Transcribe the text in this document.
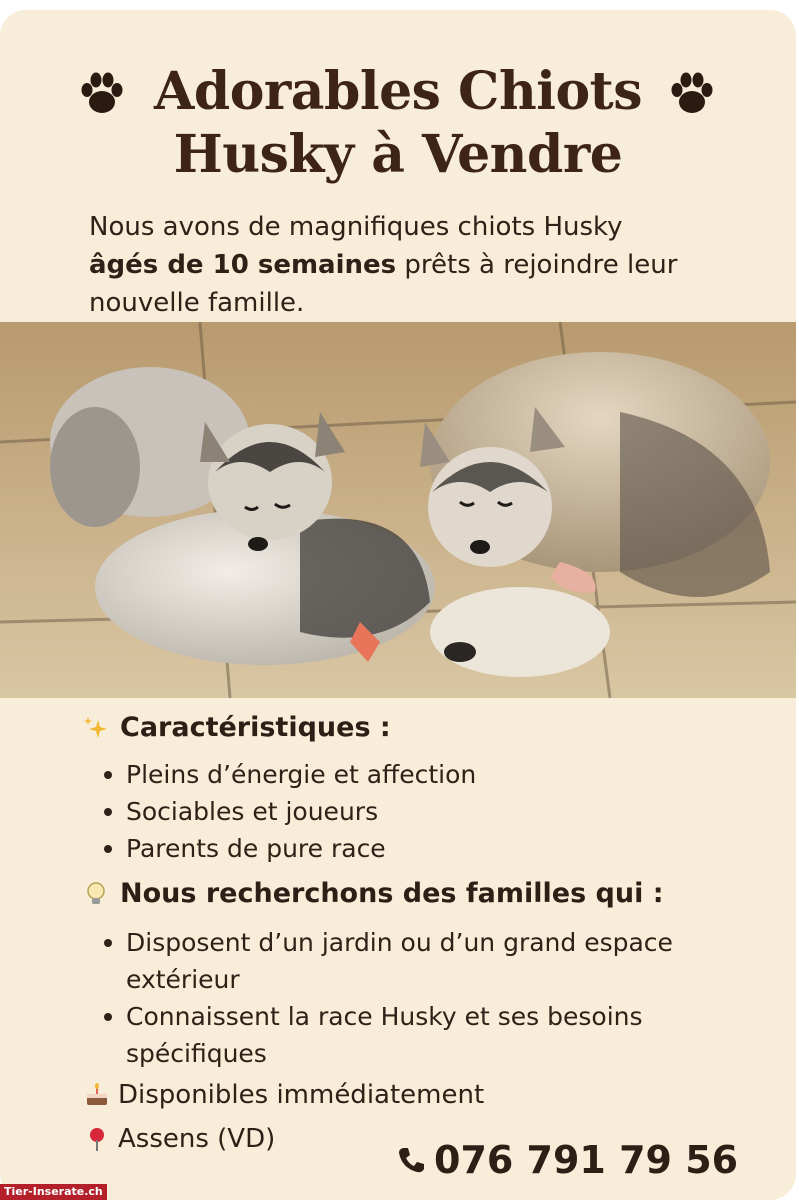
Adorables Chiots
Husky à Vendre
Nous avons de magnifiques chiots Husky
âgés de 10 semaines prêts à rejoindre leur nouvelle famille.
Caractéristiques :
Pleins d’énergie et affection
Sociables et joueurs
Parents de pure race
Nous recherchons des familles qui :
Disposent d’un jardin ou d’un grand espace extérieur
Connaissent la race Husky et ses besoins spécifiques
Disponibles immédiatement
Assens (VD)	076 791 79 56
Tier-Inserate.ch
